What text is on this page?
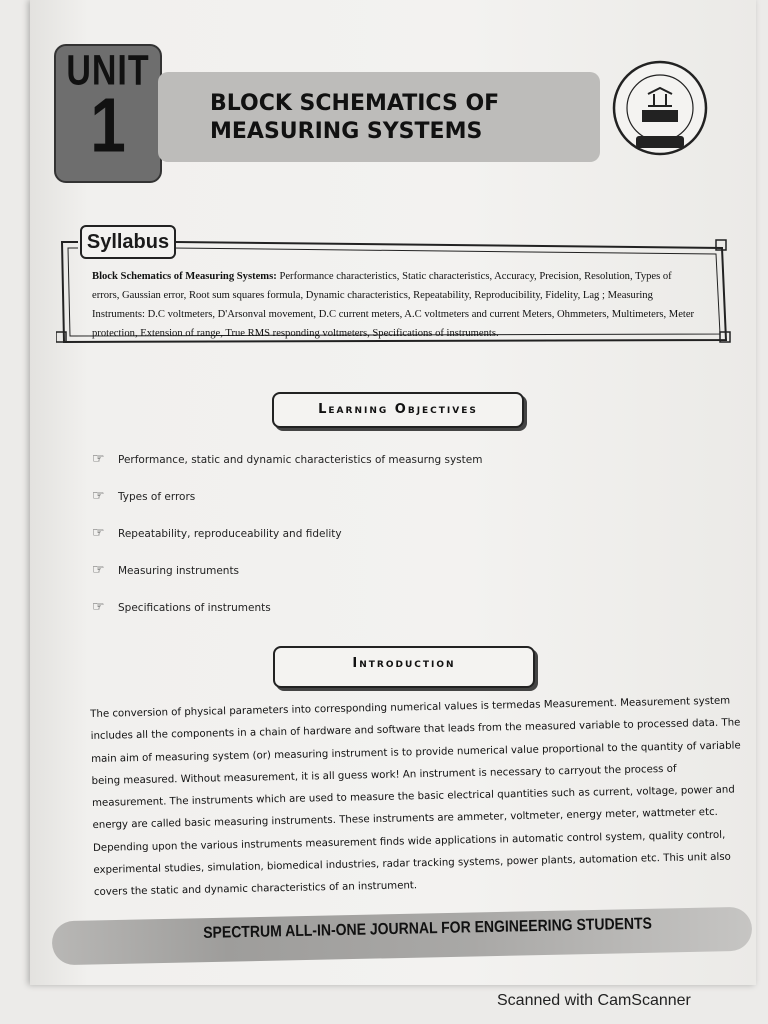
UNIT
1	BLOCK SCHEMATICS OF
MEASURING SYSTEMS
Syllabus
Block Schematics of Measuring Systems: Performance characteristics, Static characteristics, Accuracy, Precision, Resolution, Types of errors, Gaussian error, Root sum squares formula, Dynamic characteristics, Repeatability, Reproducibility, Fidelity, Lag ; Measuring Instruments: D.C voltmeters, D'Arsonval movement, D.C current meters, A.C voltmeters and current Meters, Ohmmeters, Multimeters, Meter protection, Extension of range, True RMS responding voltmeters, Specifications of instruments.
Learning Objectives
☞	Performance, static and dynamic characteristics of measurng system
☞	Types of errors
☞	Repeatability, reproduceability and fidelity
☞	Measuring instruments
☞	Specifications of instruments
Introduction
The conversion of physical parameters into corresponding numerical values is termedas Measurement. Measurement system includes all the components in a chain of hardware and software that leads from the measured variable to processed data. The main aim of measuring system (or) measuring instrument is to provide numerical value proportional to the quantity of variable being measured. Without measurement, it is all guess work! An instrument is necessary to carryout the process of measurement. The instruments which are used to measure the basic electrical quantities such as current, voltage, power and energy are called basic measuring instruments. These instruments are ammeter, voltmeter, energy meter, wattmeter etc. Depending upon the various instruments measurement finds wide applications in automatic control system, quality control, experimental studies, simulation, biomedical industries, radar tracking systems, power plants, automation etc. This unit also covers the static and dynamic characteristics of an instrument.
SPECTRUM ALL-IN-ONE JOURNAL FOR ENGINEERING STUDENTS
Scanned with CamScanner
